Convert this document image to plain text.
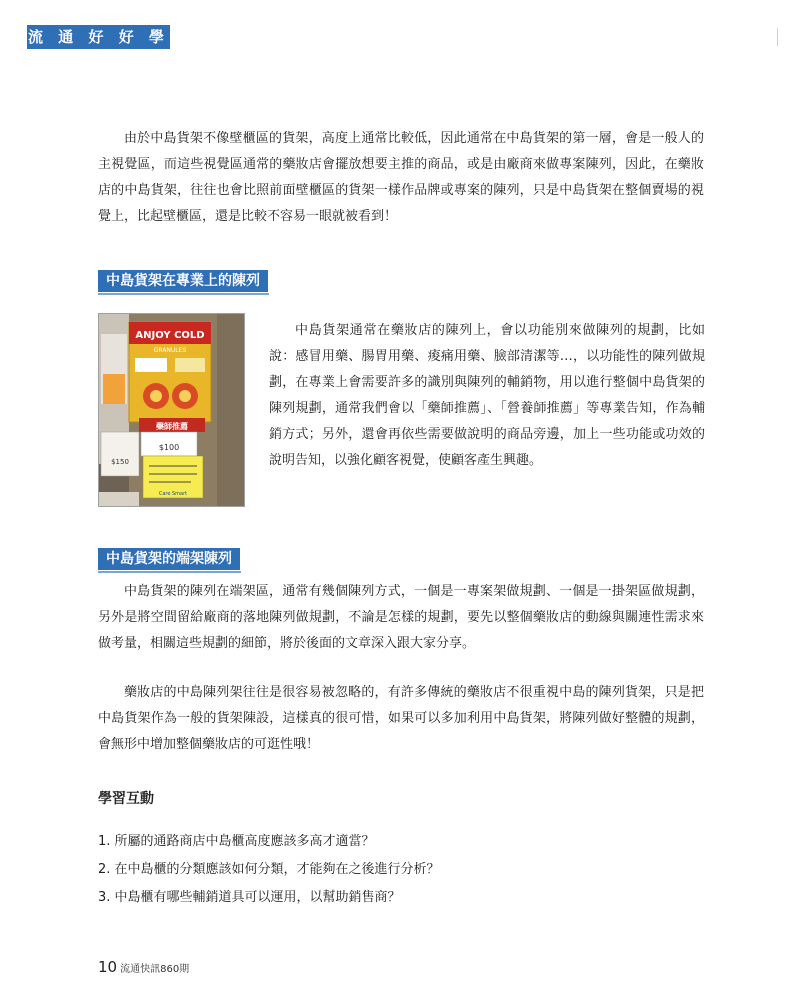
流 通 好 好 學

由於中島貨架不像壁櫃區的貨架，高度上通常比較低，因此通常在中島貨架的第一層，會是一般人的主視覺區，而這些視覺區通常的藥妝店會擺放想要主推的商品，或是由廠商來做專案陳列，因此，在藥妝店的中島貨架，往往也會比照前面壁櫃區的貨架一樣作品牌或專案的陳列，只是中島貨架在整個賣場的視覺上，比起壁櫃區，還是比較不容易一眼就被看到！

中島貨架在專業上的陳列
ANJOY COLD
GRANULES
藥師推薦
$100
$150
Care Smart

中島貨架通常在藥妝店的陳列上，會以功能別來做陳列的規劃，比如說：感冒用藥、腸胃用藥、痠痛用藥、臉部清潔等…，以功能性的陳列做規劃，在專業上會需要許多的識別與陳列的輔銷物，用以進行整個中島貨架的陳列規劃，通常我們會以「藥師推薦」、「營養師推薦」等專業告知，作為輔銷方式；另外，還會再依些需要做說明的商品旁邊，加上一些功能或功效的說明告知，以強化顧客視覺，使顧客產生興趣。

中島貨架的端架陳列

中島貨架的陳列在端架區，通常有幾個陳列方式，一個是一專案架做規劃、一個是一掛架區做規劃，另外是將空間留給廠商的落地陳列做規劃，不論是怎樣的規劃，要先以整個藥妝店的動線與關連性需求來做考量，相關這些規劃的細節，將於後面的文章深入跟大家分享。

藥妝店的中島陳列架往往是很容易被忽略的，有許多傳統的藥妝店不很重視中島的陳列貨架，只是把中島貨架作為一般的貨架陳設，這樣真的很可惜，如果可以多加利用中島貨架，將陳列做好整體的規劃，會無形中增加整個藥妝店的可逛性哦！

學習互動
1. 所屬的通路商店中島櫃高度應該多高才適當？
2. 在中島櫃的分類應該如何分類，才能夠在之後進行分析？
3. 中島櫃有哪些輔銷道具可以運用，以幫助銷售商？
10 流通快訊860期
